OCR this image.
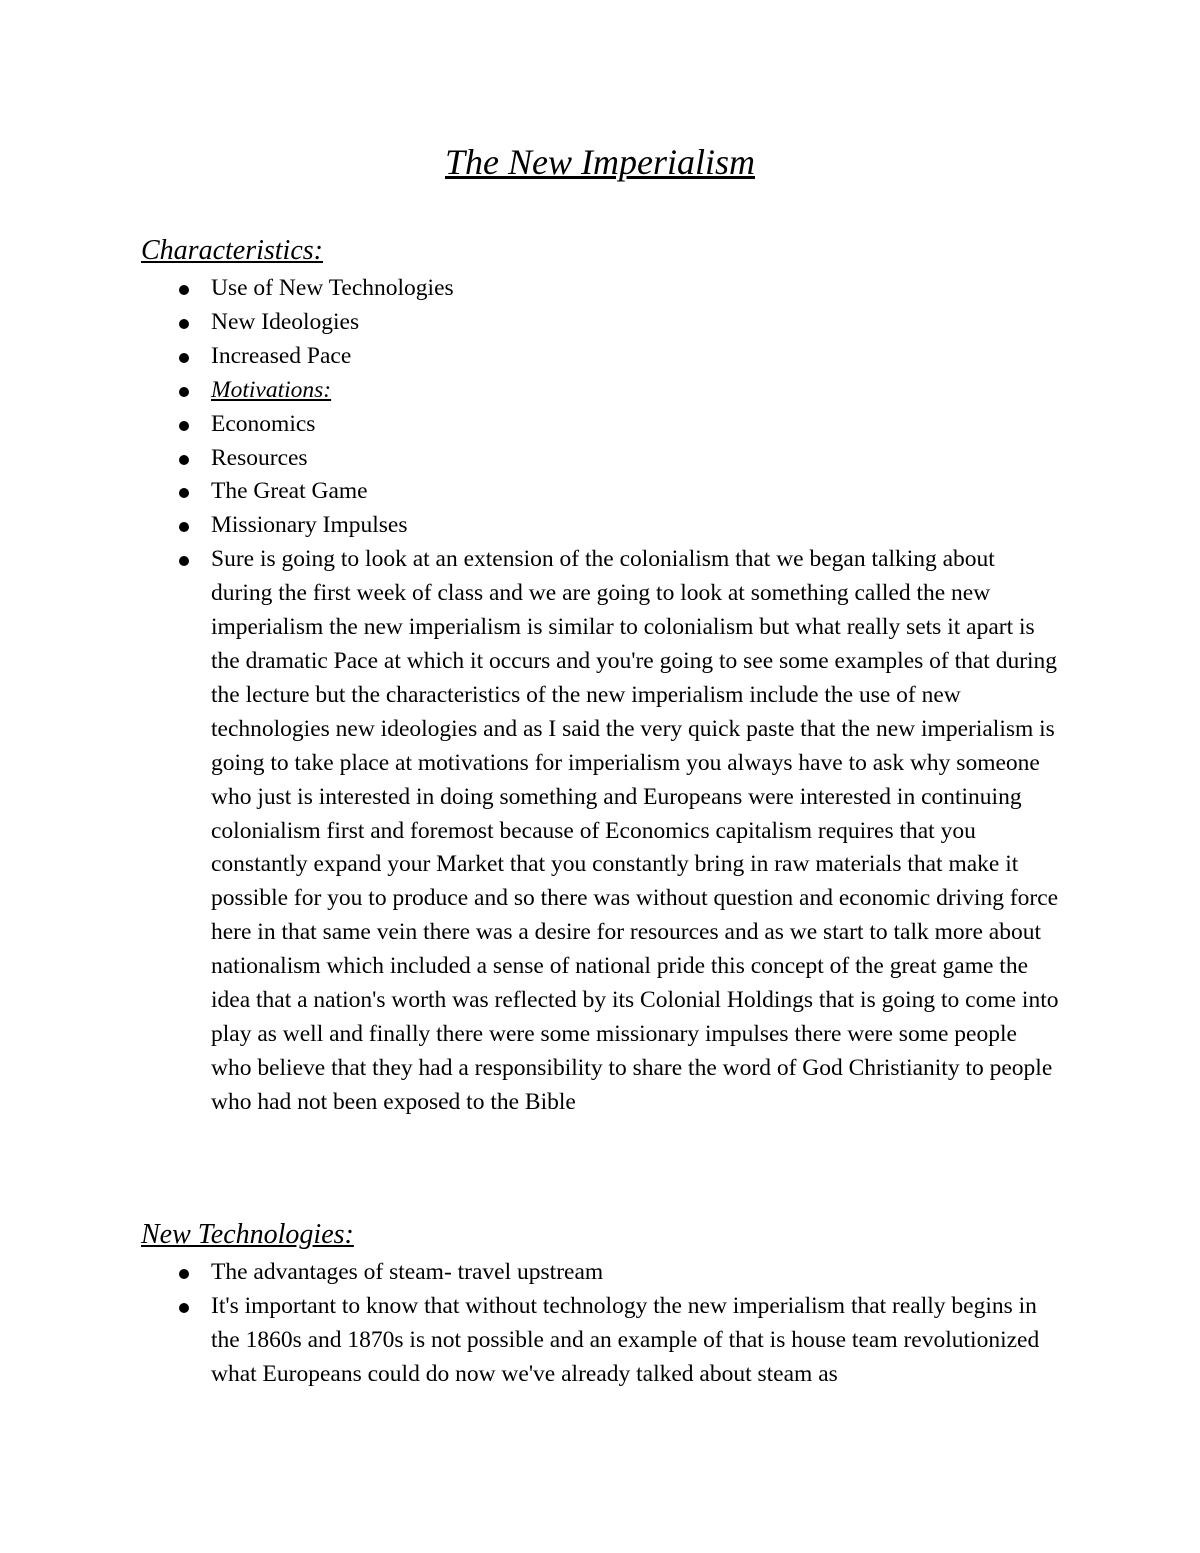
The New Imperialism
Characteristics:
Use of New Technologies
New Ideologies
Increased Pace
Motivations:
Economics
Resources
The Great Game
Missionary Impulses
Sure is going to look at an extension of the colonialism that we began talking about during the first week of class and we are going to look at something called the new imperialism the new imperialism is similar to colonialism but what really sets it apart is the dramatic Pace at which it occurs and you're going to see some examples of that during the lecture but the characteristics of the new imperialism include the use of new technologies new ideologies and as I said the very quick paste that the new imperialism is going to take place at motivations for imperialism you always have to ask why someone who just is interested in doing something and Europeans were interested in continuing colonialism first and foremost because of Economics capitalism requires that you constantly expand your Market that you constantly bring in raw materials that make it possible for you to produce and so there was without question and economic driving force here in that same vein there was a desire for resources and as we start to talk more about nationalism which included a sense of national pride this concept of the great game the idea that a nation's worth was reflected by its Colonial Holdings that is going to come into play as well and finally there were some missionary impulses there were some people who believe that they had a responsibility to share the word of God Christianity to people who had not been exposed to the Bible
New Technologies:
The advantages of steam- travel upstream
It's important to know that without technology the new imperialism that really begins in the 1860s and 1870s is not possible and an example of that is house team revolutionized what Europeans could do now we've already talked about steam as
